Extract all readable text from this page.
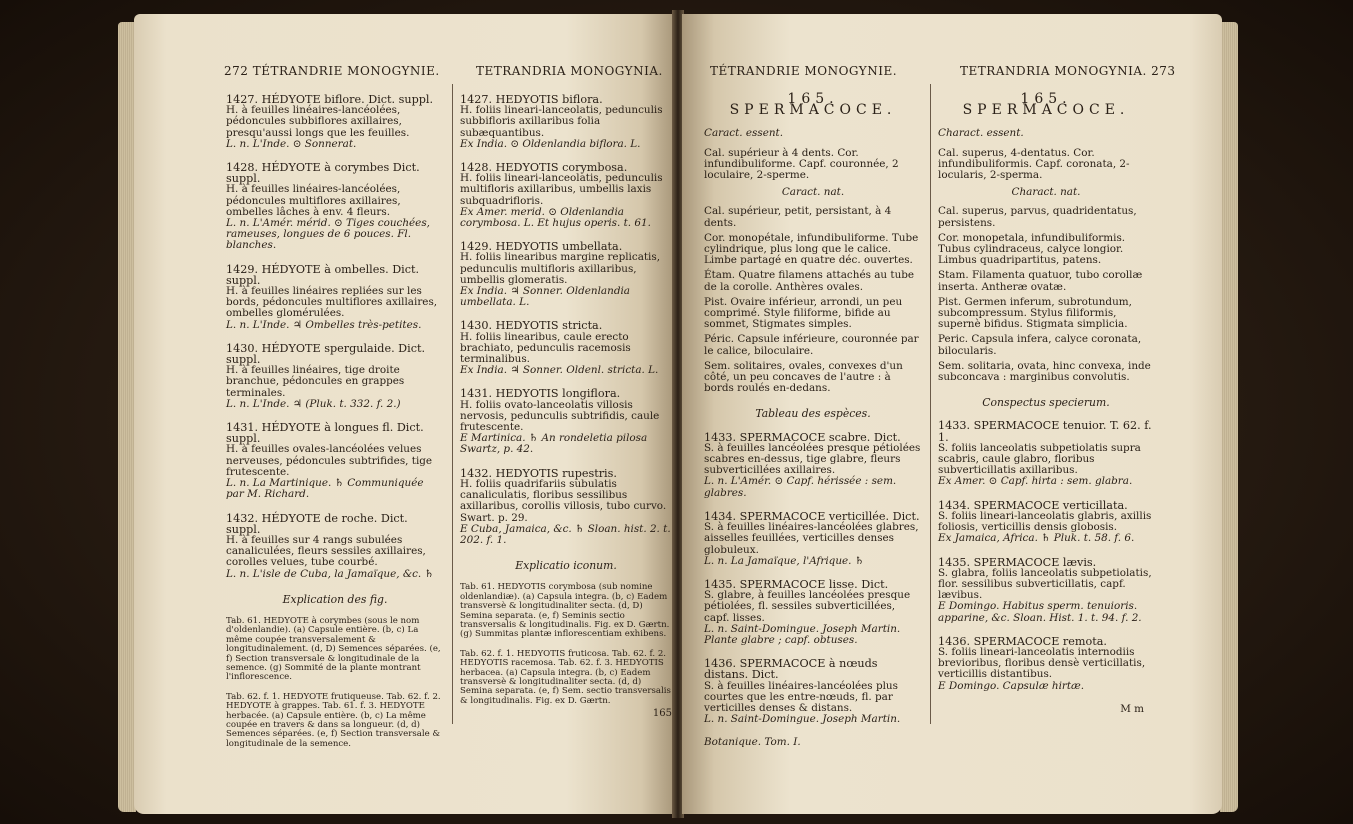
272 TÉTRANDRIE MONOGYNIE.	TETRANDRIA MONOGYNIA.
1427. HÉDYOTE biflore. Dict. suppl.

H. à feuilles linéaires-lancéolées, pédoncules subbiflores axillaires, presqu'aussi longs que les feuilles.

L. n. L'Inde. ⊙ Sonnerat.

1428. HÉDYOTE à corymbes Dict. suppl.

H. à feuilles linéaires-lancéolées, pédoncules multiflores axillaires, ombelles lâches à env. 4 fleurs.

L. n. L'Amér. mérid. ⊙ Tiges couchées, rameuses, longues de 6 pouces. Fl. blanches.

1429. HÉDYOTE à ombelles. Dict. suppl.

H. à feuilles linéaires repliées sur les bords, pédoncules multiflores axillaires, ombelles glomérulées.

L. n. L'Inde. ♃ Ombelles très-petites.

1430. HÉDYOTE spergulaide. Dict. suppl.

H. à feuilles linéaires, tige droite branchue, pédoncules en grappes terminales.

L. n. L'Inde. ♃ (Pluk. t. 332. f. 2.)

1431. HÉDYOTE à longues fl. Dict. suppl.

H. à feuilles ovales-lancéolées velues nerveuses, pédoncules subtrifides, tige frutescente.

L. n. La Martinique. ♄ Communiquée par M. Richard.

1432. HÉDYOTE de roche. Dict. suppl.

H. à feuilles sur 4 rangs subulées canaliculées, fleurs sessiles axillaires, corolles velues, tube courbé.

L. n. L'isle de Cuba, la Jamaïque, &c. ♄

Explication des fig.

Tab. 61. HEDYOTE à corymbes (sous le nom d'oldenlandie). (a) Capsule entière. (b, c) La même coupée transversalement & longitudinalement. (d, D) Semences séparées. (e, f) Section transversale & longitudinale de la semence. (g) Sommité de la plante montrant l'inflorescence.

Tab. 62. f. 1. HEDYOTE frutiqueuse. Tab. 62. f. 2. HEDYOTE à grappes. Tab. 61. f. 3. HEDYOTE herbacée. (a) Capsule entière. (b, c) La même coupée en travers & dans sa longueur. (d, d) Semences séparées. (e, f) Section transversale & longitudinale de la semence.

1427. HEDYOTIS biflora.

H. foliis lineari-lanceolatis, pedunculis subbifloris axillaribus folia subæquantibus.

Ex India. ⊙ Oldenlandia biflora. L.

1428. HEDYOTIS corymbosa.

H. foliis lineari-lanceolatis, pedunculis multifloris axillaribus, umbellis laxis subquadrifloris.

Ex Amer. merid. ⊙ Oldenlandia corymbosa. L. Et hujus operis. t. 61.

1429. HEDYOTIS umbellata.

H. foliis linearibus margine replicatis, pedunculis multifloris axillaribus, umbellis glomeratis.

Ex India. ♃ Sonner. Oldenlandia umbellata. L.

1430. HEDYOTIS stricta.

H. foliis linearibus, caule erecto brachiato, pedunculis racemosis terminalibus.

Ex India. ♃ Sonner. Oldenl. stricta. L.

1431. HEDYOTIS longiflora.

H. foliis ovato-lanceolatis villosis nervosis, pedunculis subtrifidis, caule frutescente.

E Martinica. ♄ An rondeletia pilosa Swartz, p. 42.

1432. HEDYOTIS rupestris.

H. foliis quadrifariis subulatis canaliculatis, floribus sessilibus axillaribus, corollis villosis, tubo curvo. Swart. p. 29.

E Cuba, Jamaica, &c. ♄ Sloan. hist. 2. t. 202. f. 1.

Explicatio iconum.

Tab. 61. HEDYOTIS corymbosa (sub nomine oldenlandiæ). (a) Capsula integra. (b, c) Eadem transversè & longitudinaliter secta. (d, D) Semina separata. (e, f) Seminis sectio transversalis & longitudinalis. Fig. ex D. Gærtn. (g) Summitas plantæ inflorescentiam exhibens.

Tab. 62. f. 1. HEDYOTIS fruticosa. Tab. 62. f. 2. HEDYOTIS racemosa. Tab. 62. f. 3. HEDYOTIS herbacea. (a) Capsula integra. (b, c) Eadem transversè & longitudinaliter secta. (d, d) Semina separata. (e, f) Sem. sectio transversalis & longitudinalis. Fig. ex D. Gærtn.

165
TÉTRANDRIE MONOGYNIE.	TETRANDRIA MONOGYNIA. 273
165. SPERMACOCE.
Caract. essent.

Cal. supérieur à 4 dents. Cor. infundibuliforme. Capf. couronnée, 2 loculaire, 2-sperme.

Caract. nat.

Cal. supérieur, petit, persistant, à 4 dents.

Cor. monopétale, infundibuliforme. Tube cylindrique, plus long que le calice. Limbe partagé en quatre déc. ouvertes.

Étam. Quatre filamens attachés au tube de la corolle. Anthères ovales.

Pist. Ovaire inférieur, arrondi, un peu comprimé. Style filiforme, bifide au sommet, Stigmates simples.

Péric. Capsule inférieure, couronnée par le calice, biloculaire.

Sem. solitaires, ovales, convexes d'un côté, un peu concaves de l'autre : à bords roulés en-dedans.

Tableau des espèces.
1433. SPERMACOCE scabre. Dict.

S. à feuilles lancéolées presque pétiolées scabres en-dessus, tige glabre, fleurs subverticillées axillaires.

L. n. L'Amér. ⊙ Capf. hérissée : sem. glabres.

1434. SPERMACOCE verticillée. Dict.

S. à feuilles linéaires-lancéolées glabres, aisselles feuillées, verticilles denses globuleux.

L. n. La Jamaïque, l'Afrique. ♄

1435. SPERMACOCE lisse. Dict.

S. glabre, à feuilles lancéolées presque pétiolées, fl. sessiles subverticillées, capf. lisses.

L. n. Saint-Domingue. Joseph Martin. Plante glabre ; capf. obtuses.

1436. SPERMACOCE à nœuds distans. Dict.

S. à feuilles linéaires-lancéolées plus courtes que les entre-nœuds, fl. par verticilles denses & distans.

L. n. Saint-Domingue. Joseph Martin.

Botanique. Tom. I.

165. SPERMACOCE.
Charact. essent.

Cal. superus, 4-dentatus. Cor. infundibuliformis. Capf. coronata, 2-locularis, 2-sperma.

Charact. nat.

Cal. superus, parvus, quadridentatus, persistens.

Cor. monopetala, infundibuliformis. Tubus cylindraceus, calyce longior. Limbus quadripartitus, patens.

Stam. Filamenta quatuor, tubo corollæ inserta. Antheræ ovatæ.

Pist. Germen inferum, subrotundum, subcompressum. Stylus filiformis, supernè bifidus. Stigmata simplicia.

Peric. Capsula infera, calyce coronata, bilocularis.

Sem. solitaria, ovata, hinc convexa, inde subconcava : marginibus convolutis.

Conspectus specierum.
1433. SPERMACOCE tenuior. T. 62. f. 1.

S. foliis lanceolatis subpetiolatis supra scabris, caule glabro, floribus subverticillatis axillaribus.

Ex Amer. ⊙ Capf. hirta : sem. glabra.

1434. SPERMACOCE verticillata.

S. foliis lineari-lanceolatis glabris, axillis foliosis, verticillis densis globosis.

Ex Jamaica, Africa. ♄ Pluk. t. 58. f. 6.

1435. SPERMACOCE lævis.

S. glabra, foliis lanceolatis subpetiolatis, flor. sessilibus subverticillatis, capf. lævibus.

E Domingo. Habitus sperm. tenuioris. apparine, &c. Sloan. Hist. 1. t. 94. f. 2.

1436. SPERMACOCE remota.

S. foliis lineari-lanceolatis internodiis brevioribus, floribus densè verticillatis, verticillis distantibus.

E Domingo. Capsulæ hirtæ.

M m
